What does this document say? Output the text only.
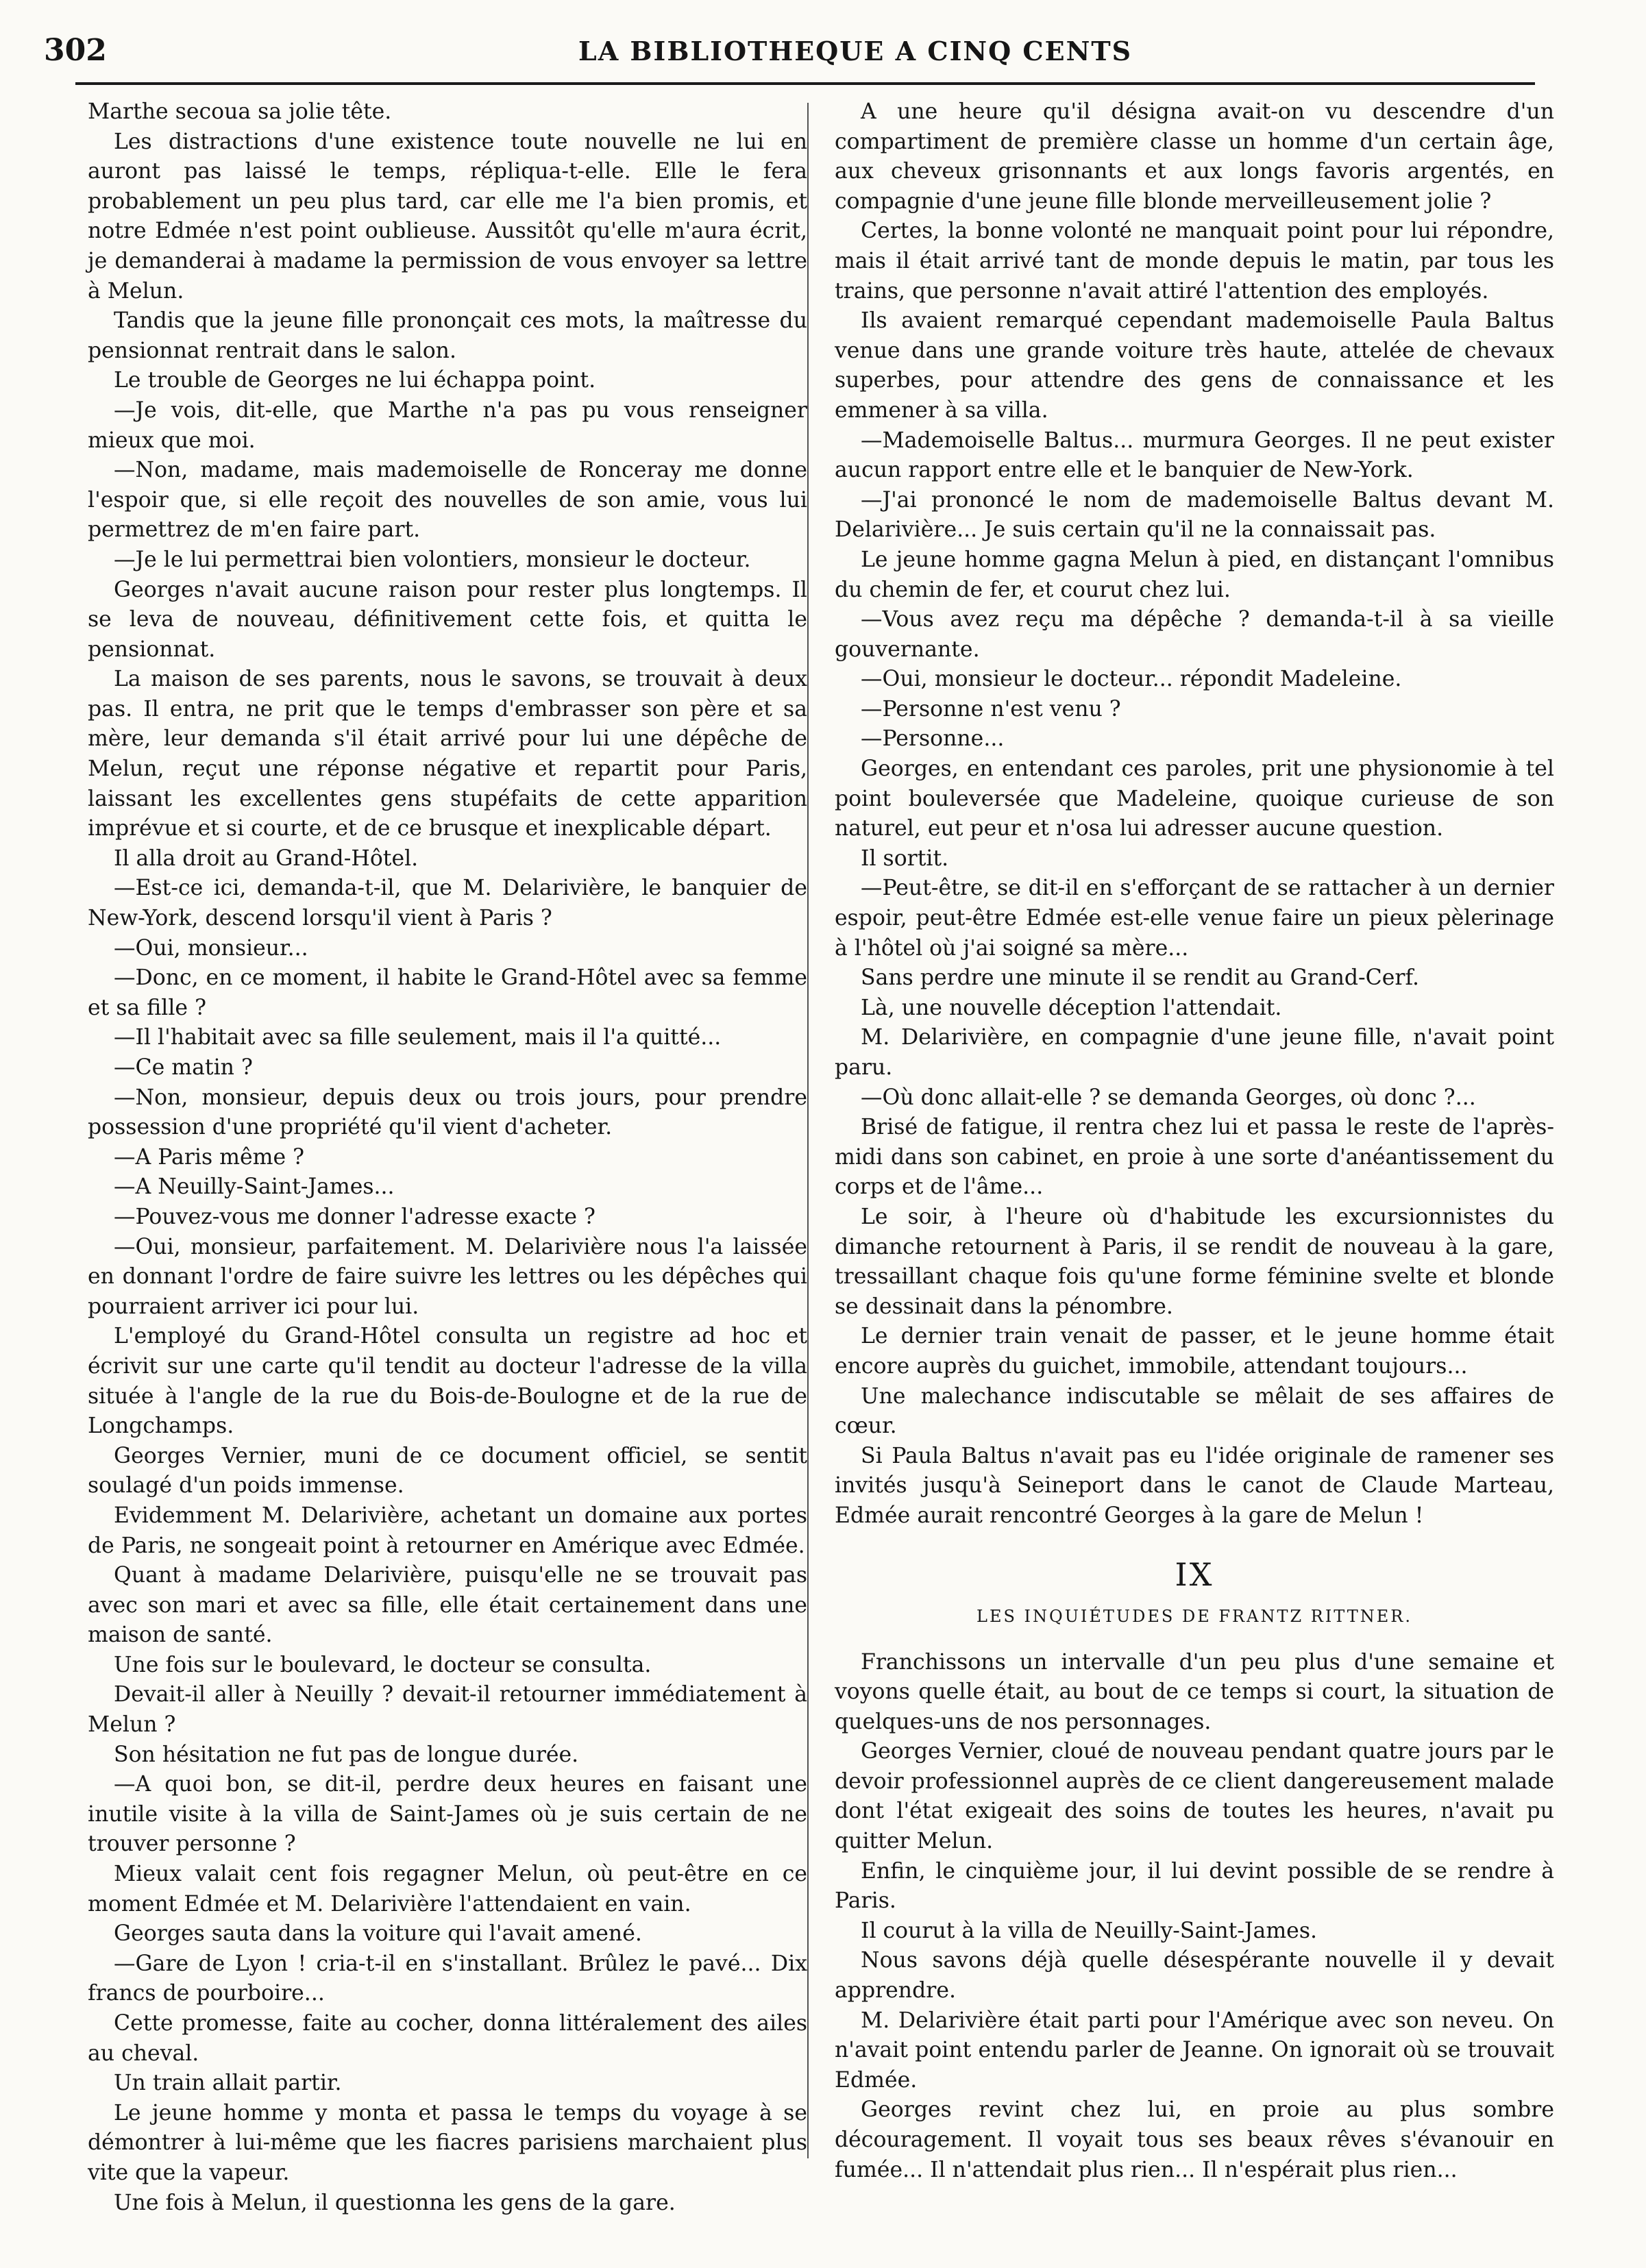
302	LA BIBLIOTHEQUE A CINQ CENTS

Marthe secoua sa jolie tête.

Les distractions d'une existence toute nouvelle ne lui en auront pas laissé le temps, répliqua-t-elle. Elle le fera probablement un peu plus tard, car elle me l'a bien promis, et notre Edmée n'est point oublieuse. Aussitôt qu'elle m'aura écrit, je demanderai à madame la permission de vous envoyer sa lettre à Melun.

Tandis que la jeune fille prononçait ces mots, la maîtresse du pensionnat rentrait dans le salon.

Le trouble de Georges ne lui échappa point.

—Je vois, dit-elle, que Marthe n'a pas pu vous renseigner mieux que moi.

—Non, madame, mais mademoiselle de Ronceray me donne l'espoir que, si elle reçoit des nouvelles de son amie, vous lui permettrez de m'en faire part.

—Je le lui permettrai bien volontiers, monsieur le docteur.

Georges n'avait aucune raison pour rester plus longtemps. Il se leva de nouveau, définitivement cette fois, et quitta le pensionnat.

La maison de ses parents, nous le savons, se trouvait à deux pas. Il entra, ne prit que le temps d'embrasser son père et sa mère, leur demanda s'il était arrivé pour lui une dépêche de Melun, reçut une réponse négative et repartit pour Paris, laissant les excellentes gens stupéfaits de cette apparition imprévue et si courte, et de ce brusque et inexplicable départ.

Il alla droit au Grand-Hôtel.

—Est-ce ici, demanda-t-il, que M. Delarivière, le banquier de New-York, descend lorsqu'il vient à Paris ?

—Oui, monsieur...

—Donc, en ce moment, il habite le Grand-Hôtel avec sa femme et sa fille ?

—Il l'habitait avec sa fille seulement, mais il l'a quitté...

—Ce matin ?

—Non, monsieur, depuis deux ou trois jours, pour prendre possession d'une propriété qu'il vient d'acheter.

—A Paris même ?

—A Neuilly-Saint-James...

—Pouvez-vous me donner l'adresse exacte ?

—Oui, monsieur, parfaitement. M. Delarivière nous l'a laissée en donnant l'ordre de faire suivre les lettres ou les dépêches qui pourraient arriver ici pour lui.

L'employé du Grand-Hôtel consulta un registre ad hoc et écrivit sur une carte qu'il tendit au docteur l'adresse de la villa située à l'angle de la rue du Bois-de-Boulogne et de la rue de Longchamps.

Georges Vernier, muni de ce document officiel, se sentit soulagé d'un poids immense.

Evidemment M. Delarivière, achetant un domaine aux portes de Paris, ne songeait point à retourner en Amérique avec Edmée.

Quant à madame Delarivière, puisqu'elle ne se trouvait pas avec son mari et avec sa fille, elle était certainement dans une maison de santé.

Une fois sur le boulevard, le docteur se consulta.

Devait-il aller à Neuilly ? devait-il retourner immédiatement à Melun ?

Son hésitation ne fut pas de longue durée.

—A quoi bon, se dit-il, perdre deux heures en faisant une inutile visite à la villa de Saint-James où je suis certain de ne trouver personne ?

Mieux valait cent fois regagner Melun, où peut-être en ce moment Edmée et M. Delarivière l'attendaient en vain.

Georges sauta dans la voiture qui l'avait amené.

—Gare de Lyon ! cria-t-il en s'installant. Brûlez le pavé... Dix francs de pourboire...

Cette promesse, faite au cocher, donna littéralement des ailes au cheval.

Un train allait partir.

Le jeune homme y monta et passa le temps du voyage à se démontrer à lui-même que les fiacres parisiens marchaient plus vite que la vapeur.

Une fois à Melun, il questionna les gens de la gare.

A une heure qu'il désigna avait-on vu descendre d'un compartiment de première classe un homme d'un certain âge, aux cheveux grisonnants et aux longs favoris argentés, en compagnie d'une jeune fille blonde merveilleusement jolie ?

Certes, la bonne volonté ne manquait point pour lui répondre, mais il était arrivé tant de monde depuis le matin, par tous les trains, que personne n'avait attiré l'attention des employés.

Ils avaient remarqué cependant mademoiselle Paula Baltus venue dans une grande voiture très haute, attelée de chevaux superbes, pour attendre des gens de connaissance et les emmener à sa villa.

—Mademoiselle Baltus... murmura Georges. Il ne peut exister aucun rapport entre elle et le banquier de New-York.

—J'ai prononcé le nom de mademoiselle Baltus devant M. Delarivière... Je suis certain qu'il ne la connaissait pas.

Le jeune homme gagna Melun à pied, en distançant l'omnibus du chemin de fer, et courut chez lui.

—Vous avez reçu ma dépêche ? demanda-t-il à sa vieille gouvernante.

—Oui, monsieur le docteur... répondit Madeleine.

—Personne n'est venu ?

—Personne...

Georges, en entendant ces paroles, prit une physionomie à tel point bouleversée que Madeleine, quoique curieuse de son naturel, eut peur et n'osa lui adresser aucune question.

Il sortit.

—Peut-être, se dit-il en s'efforçant de se rattacher à un dernier espoir, peut-être Edmée est-elle venue faire un pieux pèlerinage à l'hôtel où j'ai soigné sa mère...

Sans perdre une minute il se rendit au Grand-Cerf.

Là, une nouvelle déception l'attendait.

M. Delarivière, en compagnie d'une jeune fille, n'avait point paru.

—Où donc allait-elle ? se demanda Georges, où donc ?...

Brisé de fatigue, il rentra chez lui et passa le reste de l'après-midi dans son cabinet, en proie à une sorte d'anéantissement du corps et de l'âme...

Le soir, à l'heure où d'habitude les excursionnistes du dimanche retournent à Paris, il se rendit de nouveau à la gare, tressaillant chaque fois qu'une forme féminine svelte et blonde se dessinait dans la pénombre.

Le dernier train venait de passer, et le jeune homme était encore auprès du guichet, immobile, attendant toujours...

Une malechance indiscutable se mêlait de ses affaires de cœur.

Si Paula Baltus n'avait pas eu l'idée originale de ramener ses invités jusqu'à Seineport dans le canot de Claude Marteau, Edmée aurait rencontré Georges à la gare de Melun !

IX
LES INQUIÉTUDES DE FRANTZ RITTNER.

Franchissons un intervalle d'un peu plus d'une semaine et voyons quelle était, au bout de ce temps si court, la situation de quelques-uns de nos personnages.

Georges Vernier, cloué de nouveau pendant quatre jours par le devoir professionnel auprès de ce client dangereusement malade dont l'état exigeait des soins de toutes les heures, n'avait pu quitter Melun.

Enfin, le cinquième jour, il lui devint possible de se rendre à Paris.

Il courut à la villa de Neuilly-Saint-James.

Nous savons déjà quelle désespérante nouvelle il y devait apprendre.

M. Delarivière était parti pour l'Amérique avec son neveu. On n'avait point entendu parler de Jeanne. On ignorait où se trouvait Edmée.

Georges revint chez lui, en proie au plus sombre découragement. Il voyait tous ses beaux rêves s'évanouir en fumée... Il n'attendait plus rien... Il n'espérait plus rien...
